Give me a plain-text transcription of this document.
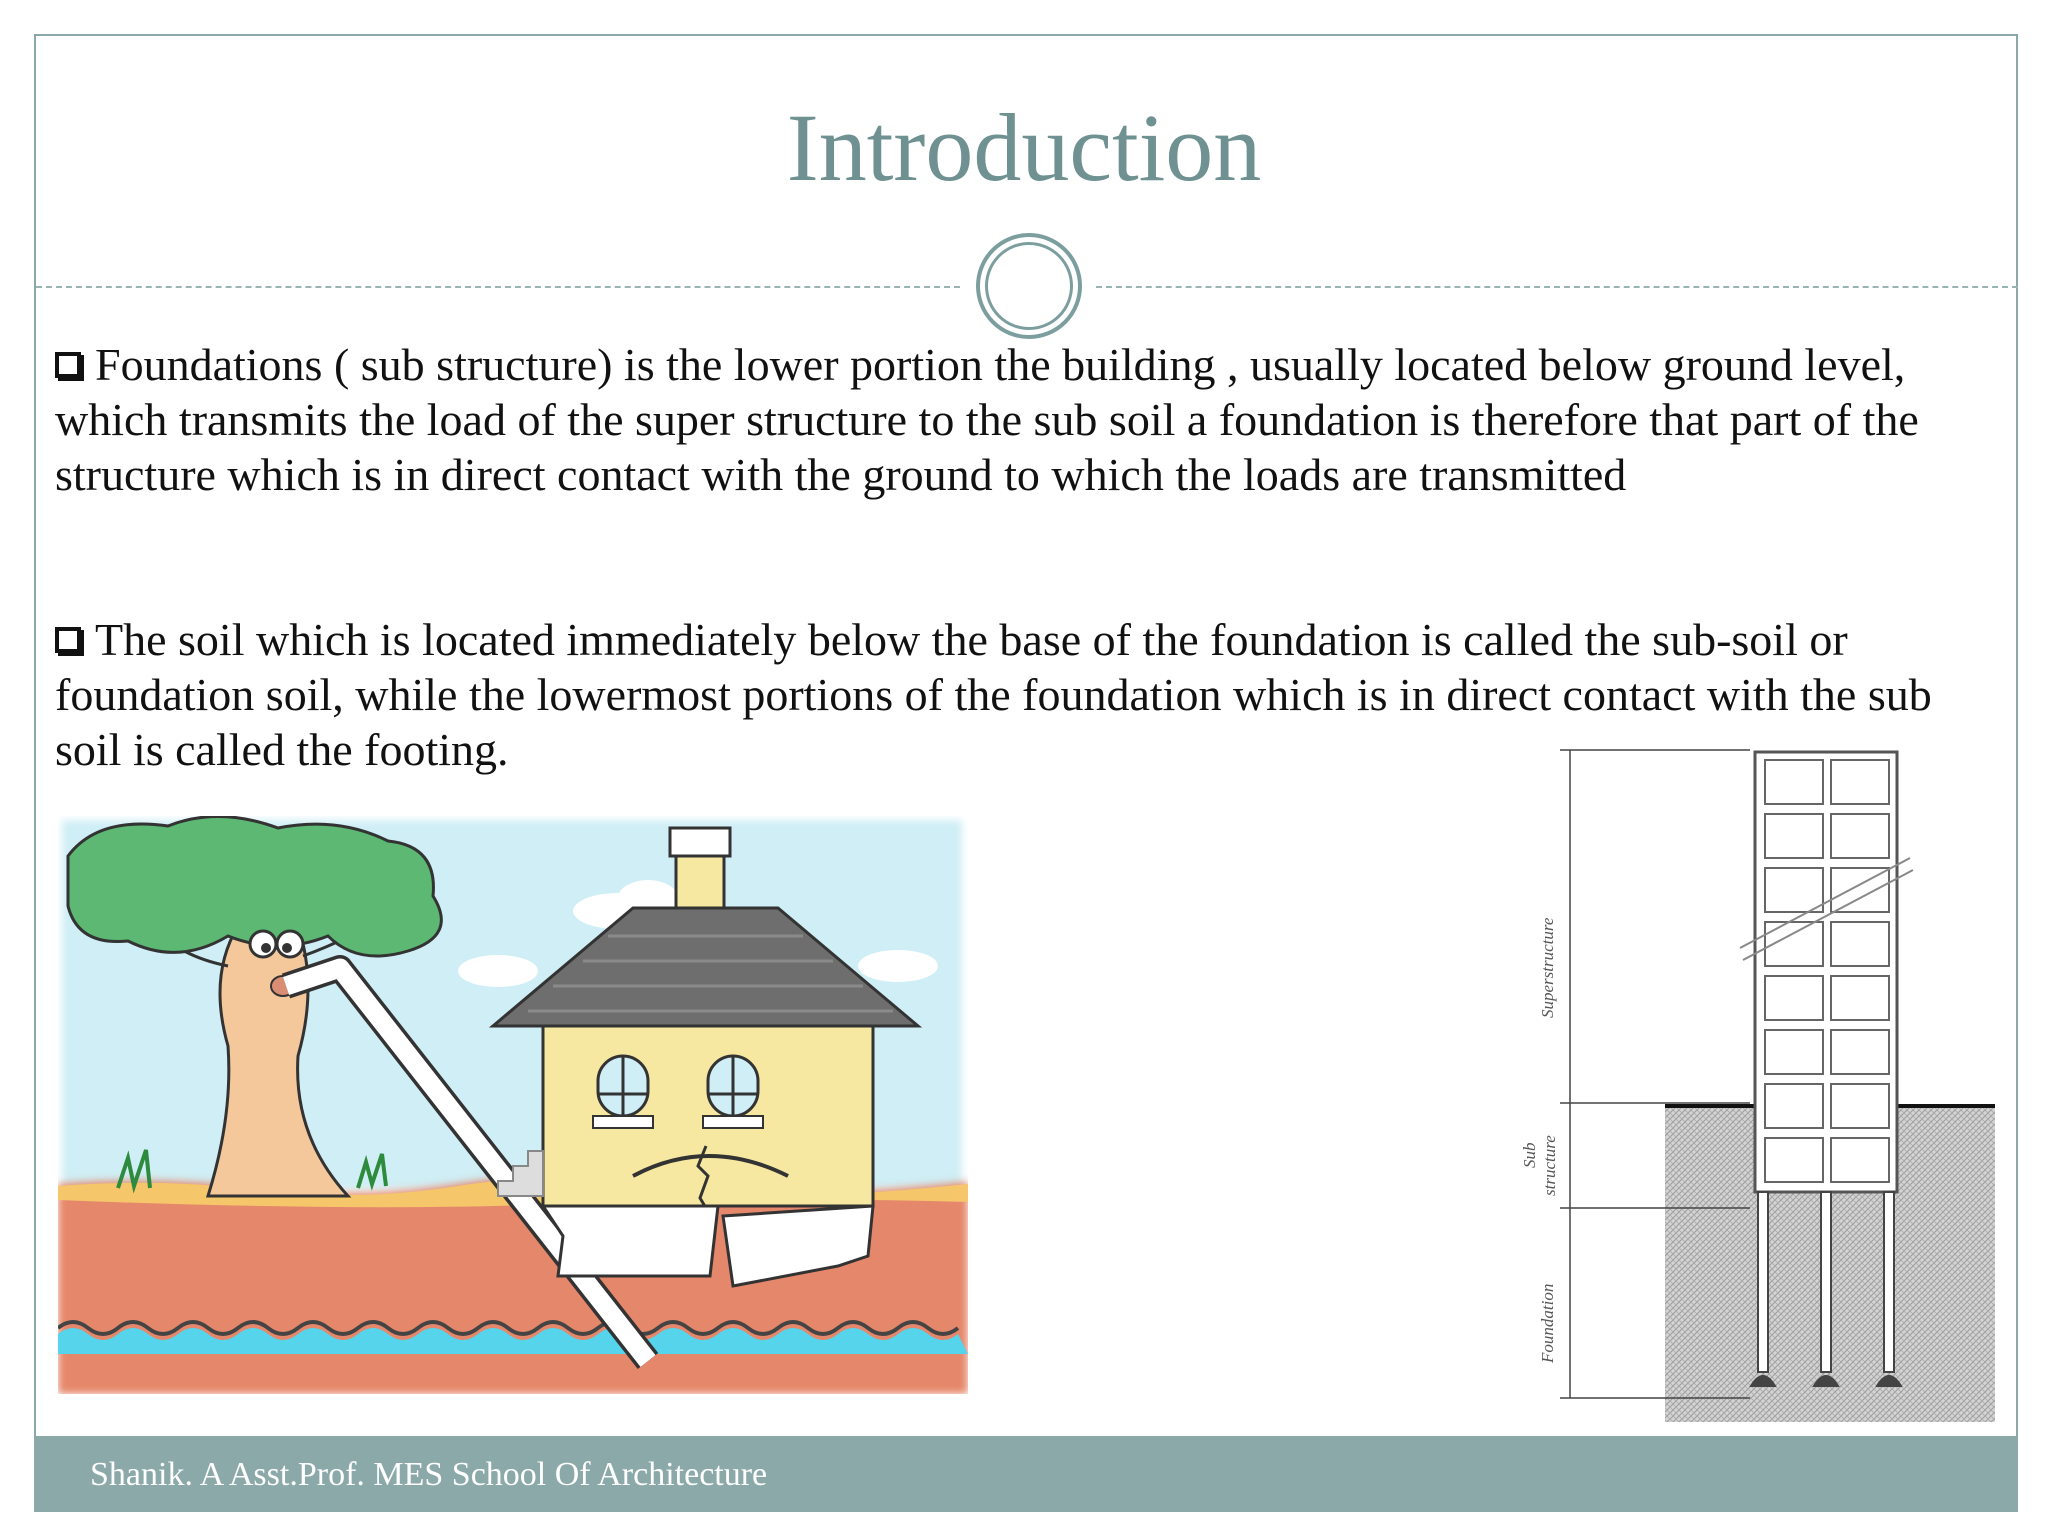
Introduction

Foundations ( sub structure) is the lower portion the building , usually located below ground level, which transmits the load of the super structure to the sub soil a foundation is therefore that part of the structure which is in direct contact with the ground to which the loads are transmitted

The soil which is located immediately below the base of the foundation is called the sub-soil or foundation soil, while the lowermost portions of the foundation which is in direct contact with the sub soil is called the footing.

Superstructure
Sub structure
Foundation
Shanik. A Asst.Prof. MES School Of Architecture
